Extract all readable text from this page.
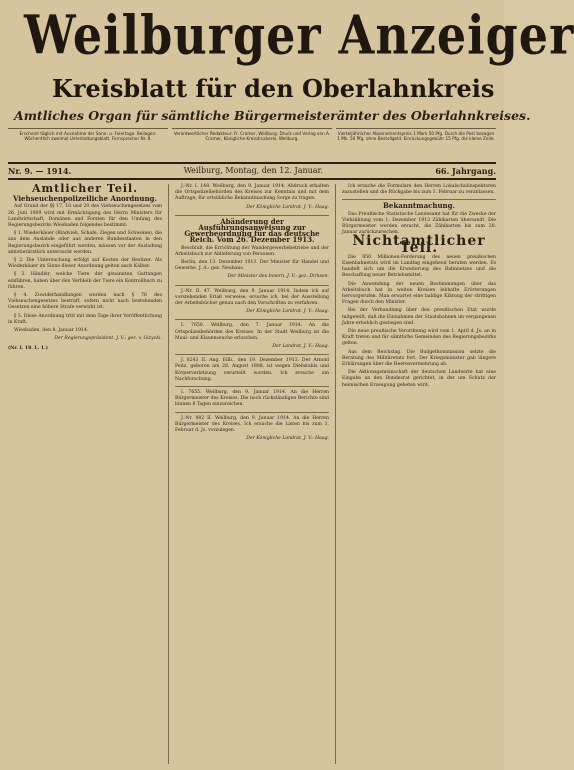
Weilburger Anzeiger
Kreisblatt für den Oberlahnkreis
Amtliches Organ für sämtliche Bürgermeisterämter des Oberlahnkreises.
Erscheint täglich mit Ausnahme der Sonn- u. Feiertage. Beilagen: Wöchentlich zweimal Unterhaltungsblatt. Fernsprecher Nr. 8.
Verantwortlicher Redakteur: Fr. Cramer, Weilburg. Druck und Verlag von A. Cramer, Königliche Kreisdruckerei, Weilburg.
Vierteljährlicher Abonnementspreis 1 Mark 50 Pfg. Durch die Post bezogen 1 Mk. 50 Pfg. ohne Bestellgeld. Einrückungsgebühr 15 Pfg. die kleine Zeile.
Nr. 9. — 1914.	Weilburg, Montag, den 12. Januar.	66. Jahrgang.
Amtlicher Teil.
Viehseuchenpolizeiliche Anordnung.

Auf Grund der §§ 17, 18 und 20 des Viehseuchengesetzes vom 26. Juni 1909 wird mit Ermächtigung des Herrn Ministers für Landwirtschaft, Domänen und Forsten für den Umfang des Regierungsbezirks Wiesbaden folgendes bestimmt:

§ 1. Wiederkäuer (Rindvieh, Schafe, Ziegen und Schweine), die aus dem Auslande oder aus anderen Bundesstaaten in den Regierungsbezirk eingeführt werden, müssen vor der Ausladung amtstierärztlich untersucht werden.

§ 2. Die Untersuchung erfolgt auf Kosten der Besitzer. Als Wiederkäuer im Sinne dieser Anordnung gelten auch Kälber.

§ 3. Händler, welche Tiere der genannten Gattungen einführen, haben über den Verbleib der Tiere ein Kontrollbuch zu führen.

§ 4. Zuwiderhandlungen werden nach § 76 des Viehseuchengesetzes bestraft, sofern nicht nach bestehenden Gesetzen eine höhere Strafe verwirkt ist.

§ 5. Diese Anordnung tritt mit dem Tage ihrer Veröffentlichung in Kraft.

Wiesbaden, den 8. Januar 1914.

Der Regierungspräsident. J. V.: gez. v. Gizycki.
(Nr. I. 18. L. 1.)

J.-Nr. I. 148. Weilburg, den 9. Januar 1914. Abdruck erhalten die Ortspolizeibehörden des Kreises zur Kenntnis und mit dem Auftrage, für ortsübliche Bekanntmachung Sorge zu tragen.

Der Königliche Landrat. J. V.: Haag.
Abänderung der Ausführungsanweisung zur Gewerbeordnung für das deutsche Reich. Vom 26. Dezember 1913.

Beschluß, die Errichtung der Wandergewerbebetriebe und der Arbeitsbuch zur Ablieferung von Personen.

Berlin, den 13. Dezember 1913. Der Minister für Handel und Gewerbe. J. A.: gez. Neuhaus.

Der Minister des Innern. J. V.: gez. Dirksen.

J.-Nr. II. 47. Weilburg, den 9. Januar 1914. Indem ich auf vorstehenden Erlaß verweise, ersuche ich, bei der Ausstellung der Arbeitsbücher genau nach den Vorschriften zu verfahren.

Der Königliche Landrat. J. V.: Haag.

I. 7650. Weilburg, den 7. Januar 1914. An die Ortspolizeibehörden des Kreises. In der Stadt Weilburg ist die Maul- und Klauenseuche erloschen.

Der Landrat. J. V.: Haag.

J. 8243 II. Ang. Eilb., den 19. Dezember 1913. Der Arnold Peitz, geboren am 28. August 1888, ist wegen Diebstahls und Körperverletzung verurteilt worden. Ich ersuche um Nachforschung.

I. 7655. Weilburg, den 9. Januar 1914. An die Herren Bürgermeister des Kreises. Die noch rückständigen Berichte sind binnen 8 Tagen einzureichen.

J.-Nr. 982 II. Weilburg, den 9. Januar 1914. An die Herren Bürgermeister des Kreises. Ich ersuche die Listen bis zum 1. Februar d. Js. vorzulegen.

Der Königliche Landrat. J. V.: Haag.

Ich ersuche die Formulare den Herren Lokalschulinspektoren zuzustellen und die Rückgabe bis zum 1. Februar zu veranlassen.

Bekanntmachung.

Das Preußische Statistische Landesamt hat für die Zwecke der Viehzählung vom 1. Dezember 1913 Zählkarten übersandt. Die Bürgermeister werden ersucht, die Zählkarten bis zum 20. Januar zurückzureichen.

Nichtamtlicher Teil.

Die 850 Millionen-Forderung des neuen preußischen Eisenbahnetats wird im Landtag eingehend beraten werden. Es handelt sich um die Erweiterung des Bahnnetzes und die Beschaffung neuer Betriebsmittel.

Die Anwendung der neuen Bestimmungen über das Arbeitsbuch hat in weiten Kreisen lebhafte Erörterungen hervorgerufen. Man erwartet eine baldige Klärung der strittigen Fragen durch den Minister.

Bei der Verhandlung über den preußischen Etat wurde mitgeteilt, daß die Einnahmen der Staatsbahnen im vergangenen Jahre erheblich gestiegen sind.

Die neue preußische Verordnung wird vom 1. April d. Js. an in Kraft treten und für sämtliche Gemeinden des Regierungsbezirks gelten.

Aus dem Reichstag. Die Budgetkommission setzte die Beratung des Militäretats fort. Der Kriegsminister gab längere Erklärungen über die Heeresvermehrung ab.

Die Aktionsgemeinschaft der deutschen Landwirte hat eine Eingabe an den Bundesrat gerichtet, in der um Schutz der heimischen Erzeugung gebeten wird.
